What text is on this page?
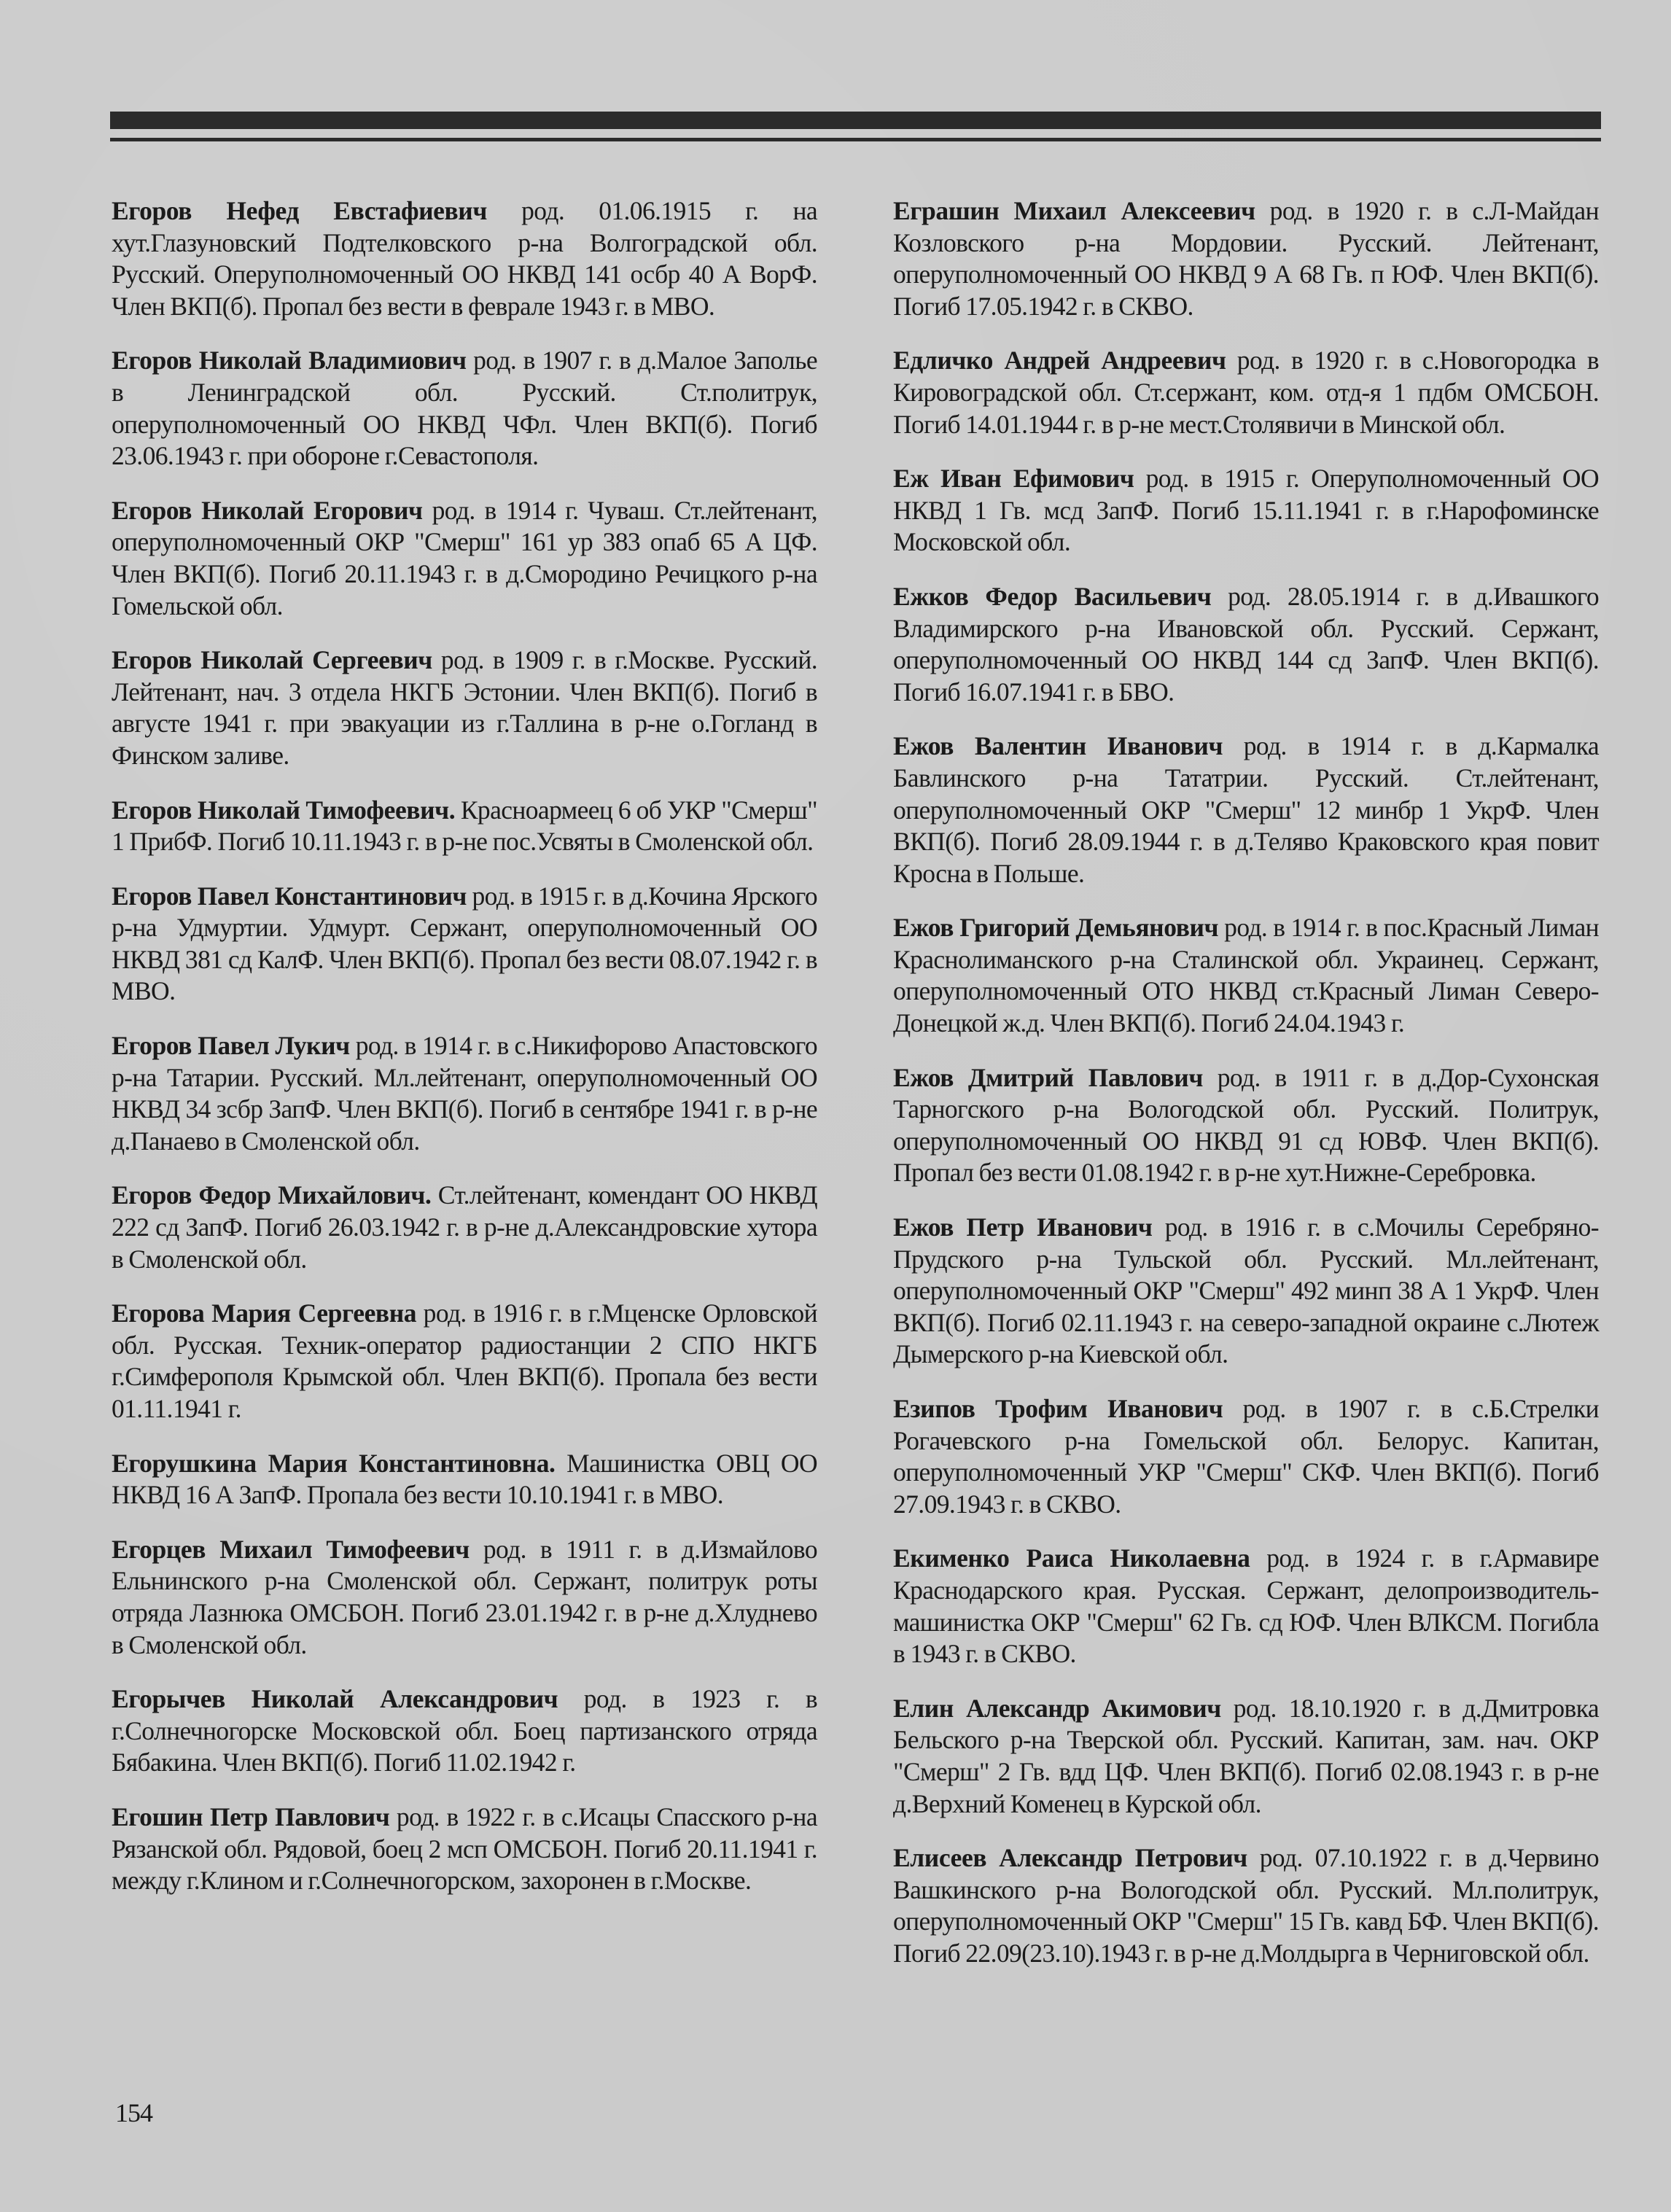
Егоров Нефед Евстафиевич род. 01.06.1915 г. на хут.Глазуновский Подтелковского р-на Волгоградской обл. Русский. Оперуполномоченный ОО НКВД 141 осбр 40 А ВорФ. Член ВКП(б). Пропал без вести в феврале 1943 г. в МВО.

Егоров Николай Владимиович род. в 1907 г. в д.Малое Заполье в Ленинградской обл. Русский. Ст.политрук, оперуполномоченный ОО НКВД ЧФл. Член ВКП(б). Погиб 23.06.1943 г. при обороне г.Севастополя.

Егоров Николай Егорович род. в 1914 г. Чуваш. Ст.лейтенант, оперуполномоченный ОКР "Смерш" 161 ур 383 опаб 65 А ЦФ. Член ВКП(б). Погиб 20.11.1943 г. в д.Смородино Речицкого р-на Гомельской обл.

Егоров Николай Сергеевич род. в 1909 г. в г.Москве. Русский. Лейтенант, нач. 3 отдела НКГБ Эстонии. Член ВКП(б). Погиб в августе 1941 г. при эвакуации из г.Таллина в р-не о.Гогланд в Финском заливе.

Егоров Николай Тимофеевич. Красноармеец 6 об УКР "Смерш" 1 ПрибФ. Погиб 10.11.1943 г. в р-не пос.Усвяты в Смоленской обл.

Егоров Павел Константинович род. в 1915 г. в д.Кочина Ярского р-на Удмуртии. Удмурт. Сержант, оперуполномоченный ОО НКВД 381 сд КалФ. Член ВКП(б). Пропал без вести 08.07.1942 г. в МВО.

Егоров Павел Лукич род. в 1914 г. в с.Никифорово Апастовского р-на Татарии. Русский. Мл.лейтенант, оперуполномоченный ОО НКВД 34 зсбр ЗапФ. Член ВКП(б). Погиб в сентябре 1941 г. в р-не д.Панаево в Смоленской обл.

Егоров Федор Михайлович. Ст.лейтенант, комендант ОО НКВД 222 сд ЗапФ. Погиб 26.03.1942 г. в р-не д.Александровские хутора в Смоленской обл.

Егорова Мария Сергеевна род. в 1916 г. в г.Мценске Орловской обл. Русская. Техник-оператор радиостанции 2 СПО НКГБ г.Симферополя Крымской обл. Член ВКП(б). Пропала без вести 01.11.1941 г.

Егорушкина Мария Константиновна. Машинистка ОВЦ ОО НКВД 16 А ЗапФ. Пропала без вести 10.10.1941 г. в МВО.

Егорцев Михаил Тимофеевич род. в 1911 г. в д.Измайлово Ельнинского р-на Смоленской обл. Сержант, политрук роты отряда Лазнюка ОМСБОН. Погиб 23.01.1942 г. в р-не д.Хлуднево в Смоленской обл.

Егорычев Николай Александрович род. в 1923 г. в г.Солнечногорске Московской обл. Боец партизанского отряда Бябакина. Член ВКП(б). Погиб 11.02.1942 г.

Егошин Петр Павлович род. в 1922 г. в с.Исацы Спасского р-на Рязанской обл. Рядовой, боец 2 мсп ОМСБОН. Погиб 20.11.1941 г. между г.Клином и г.Солнечногорском, захоронен в г.Москве.

Еграшин Михаил Алексеевич род. в 1920 г. в с.Л-Майдан Козловского р-на Мордовии. Русский. Лейтенант, оперуполномоченный ОО НКВД 9 А 68 Гв. п ЮФ. Член ВКП(б). Погиб 17.05.1942 г. в СКВО.

Едличко Андрей Андреевич род. в 1920 г. в с.Новогородка в Кировоградской обл. Ст.сержант, ком. отд-я 1 пдбм ОМСБОН. Погиб 14.01.1944 г. в р-не мест.Столявичи в Минской обл.

Еж Иван Ефимович род. в 1915 г. Оперуполномоченный ОО НКВД 1 Гв. мсд ЗапФ. Погиб 15.11.1941 г. в г.Нарофоминске Московской обл.

Ежков Федор Васильевич род. 28.05.1914 г. в д.Ивашкого Владимирского р-на Ивановской обл. Русский. Сержант, оперуполномоченный ОО НКВД 144 сд ЗапФ. Член ВКП(б). Погиб 16.07.1941 г. в БВО.

Ежов Валентин Иванович род. в 1914 г. в д.Кармалка Бавлинского р-на Тататрии. Русский. Ст.лейтенант, оперуполномоченный ОКР "Смерш" 12 минбр 1 УкрФ. Член ВКП(б). Погиб 28.09.1944 г. в д.Теляво Краковского края повит Кросна в Польше.

Ежов Григорий Демьянович род. в 1914 г. в пос.Красный Лиман Краснолиманского р-на Сталинской обл. Украинец. Сержант, оперуполномоченный ОТО НКВД ст.Красный Лиман Северо-Донецкой ж.д. Член ВКП(б). Погиб 24.04.1943 г.

Ежов Дмитрий Павлович род. в 1911 г. в д.Дор-Сухонская Тарногского р-на Вологодской обл. Русский. Политрук, оперуполномоченный ОО НКВД 91 сд ЮВФ. Член ВКП(б). Пропал без вести 01.08.1942 г. в р-не хут.Нижне-Серебровка.

Ежов Петр Иванович род. в 1916 г. в с.Мочилы Серебряно-Прудского р-на Тульской обл. Русский. Мл.лейтенант, оперуполномоченный ОКР "Смерш" 492 минп 38 А 1 УкрФ. Член ВКП(б). Погиб 02.11.1943 г. на северо-западной окраине с.Лютеж Дымерского р-на Киевской обл.

Езипов Трофим Иванович род. в 1907 г. в с.Б.Стрелки Рогачевского р-на Гомельской обл. Белорус. Капитан, оперуполномоченный УКР "Смерш" СКФ. Член ВКП(б). Погиб 27.09.1943 г. в СКВО.

Екименко Раиса Николаевна род. в 1924 г. в г.Армавире Краснодарского края. Русская. Сержант, делопроизводитель-машинистка ОКР "Смерш" 62 Гв. сд ЮФ. Член ВЛКСМ. Погибла в 1943 г. в СКВО.

Елин Александр Акимович род. 18.10.1920 г. в д.Дмитровка Бельского р-на Тверской обл. Русский. Капитан, зам. нач. ОКР "Смерш" 2 Гв. вдд ЦФ. Член ВКП(б). Погиб 02.08.1943 г. в р-не д.Верхний Коменец в Курской обл.

Елисеев Александр Петрович род. 07.10.1922 г. в д.Червино Вашкинского р-на Вологодской обл. Русский. Мл.политрук, оперуполномоченный ОКР "Смерш" 15 Гв. кавд БФ. Член ВКП(б). Погиб 22.09(23.10).1943 г. в р-не д.Молдырга в Черниговской обл.

154
